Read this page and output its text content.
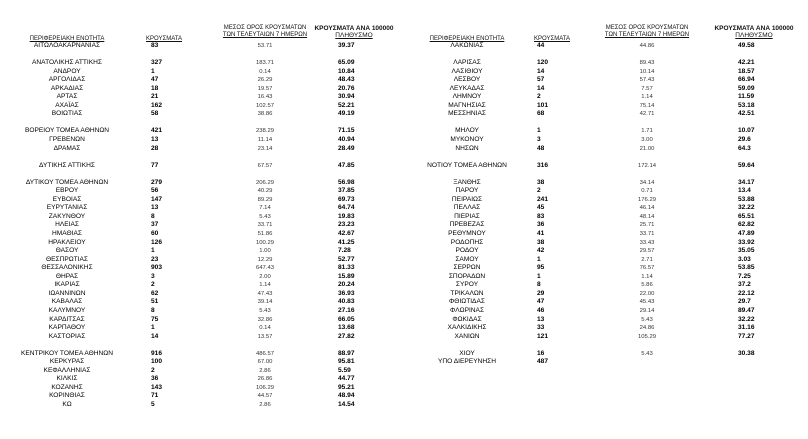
ΠΕΡΙΦΕΡΕΙΑΚΗ ΕΝΟΤΗΤΑ	ΚΡΟΥΣΜΑΤΑ
ΜΕΣΟΣ ΟΡΟΣ ΚΡΟΥΣΜΑΤΩΝ
ΤΩΝ ΤΕΛΕΥΤΑΙΩΝ 7 ΗΜΕΡΩΝ
ΚΡΟΥΣΜΑΤΑ ΑΝΑ 100000
ΠΛΗΘΥΣΜΟ	ΠΕΡΙΦΕΡΕΙΑΚΗ ΕΝΟΤΗΤΑ	ΚΡΟΥΣΜΑΤΑ
ΜΕΣΟΣ ΟΡΟΣ ΚΡΟΥΣΜΑΤΩΝ
ΤΩΝ ΤΕΛΕΥΤΑΙΩΝ 7 ΗΜΕΡΩΝ
ΚΡΟΥΣΜΑΤΑ ΑΝΑ 100000
ΠΛΗΘΥΣΜΟ
ΑΙΤΩΛΟΑΚΑΡΝΑΝΙΑΣ	83	53.71	39.37
ΑΝΑΤΟΛΙΚΗΣ ΑΤΤΙΚΗΣ	327	183.71	65.09
ΑΝΔΡΟΥ	1	0.14	10.84
ΑΡΓΟΛΙΔΑΣ	47	26.29	48.43
ΑΡΚΑΔΙΑΣ	18	19.57	20.76
ΑΡΤΑΣ	21	16.43	30.94
ΑΧΑΪΑΣ	162	102.57	52.21
ΒΟΙΩΤΙΑΣ	58	38.86	49.19
ΒΟΡΕΙΟΥ ΤΟΜΕΑ ΑΘΗΝΩΝ	421	238.29	71.15
ΓΡΕΒΕΝΩΝ	13	11.14	40.94
ΔΡΑΜΑΣ	28	23.14	28.49
ΔΥΤΙΚΗΣ ΑΤΤΙΚΗΣ	77	67.57	47.85
ΔΥΤΙΚΟΥ ΤΟΜΕΑ ΑΘΗΝΩΝ	279	206.29	56.98
ΕΒΡΟΥ	56	40.29	37.85
ΕΥΒΟΙΑΣ	147	89.29	69.73
ΕΥΡΥΤΑΝΙΑΣ	13	7.14	64.74
ΖΑΚΥΝΘΟΥ	8	5.43	19.83
ΗΛΕΙΑΣ	37	33.71	23.23
ΗΜΑΘΙΑΣ	60	51.86	42.67
ΗΡΑΚΛΕΙΟΥ	126	100.29	41.25
ΘΑΣΟΥ	1	1.00	7.28
ΘΕΣΠΡΩΤΙΑΣ	23	12.29	52.77
ΘΕΣΣΑΛΟΝΙΚΗΣ	903	647.43	81.33
ΘΗΡΑΣ	3	2.00	15.89
ΙΚΑΡΙΑΣ	2	1.14	20.24
ΙΩΑΝΝΙΝΩΝ	62	47.43	36.93
ΚΑΒΑΛΑΣ	51	39.14	40.83
ΚΑΛΥΜΝΟΥ	8	5.43	27.16
ΚΑΡΔΙΤΣΑΣ	75	32.86	66.05
ΚΑΡΠΑΘΟΥ	1	0.14	13.68
ΚΑΣΤΟΡΙΑΣ	14	13.57	27.82
ΚΕΝΤΡΙΚΟΥ ΤΟΜΕΑ ΑΘΗΝΩΝ	916	486.57	88.97
ΚΕΡΚΥΡΑΣ	100	67.00	95.81
ΚΕΦΑΛΛΗΝΙΑΣ	2	2.86	5.59
ΚΙΛΚΙΣ	36	26.86	44.77
ΚΟΖΑΝΗΣ	143	106.29	95.21
ΚΟΡΙΝΘΙΑΣ	71	44.57	48.94
ΚΩ	5	2.86	14.54
ΛΑΚΩΝΙΑΣ	44	44.86	49.58
ΛΑΡΙΣΑΣ	120	89.43	42.21
ΛΑΣΙΘΙΟΥ	14	10.14	18.57
ΛΕΣΒΟΥ	57	57.43	66.94
ΛΕΥΚΑΔΑΣ	14	7.57	59.09
ΛΗΜΝΟΥ	2	1.14	11.59
ΜΑΓΝΗΣΙΑΣ	101	75.14	53.18
ΜΕΣΣΗΝΙΑΣ	68	42.71	42.51
ΜΗΛΟΥ	1	1.71	10.07
ΜΥΚΟΝΟΥ	3	3.00	29.6
ΝΗΣΩΝ	48	21.00	64.3
ΝΟΤΙΟΥ ΤΟΜΕΑ ΑΘΗΝΩΝ	316	172.14	59.64
ΞΑΝΘΗΣ	38	34.14	34.17
ΠΑΡΟΥ	2	0.71	13.4
ΠΕΙΡΑΙΩΣ	241	176.29	53.88
ΠΕΛΛΑΣ	45	46.14	32.22
ΠΙΕΡΙΑΣ	83	48.14	65.51
ΠΡΕΒΕΖΑΣ	36	25.71	62.82
ΡΕΘΥΜΝΟΥ	41	33.71	47.89
ΡΟΔΟΠΗΣ	38	33.43	33.92
ΡΟΔΟΥ	42	29.57	35.05
ΣΑΜΟΥ	1	2.71	3.03
ΣΕΡΡΩΝ	95	76.57	53.85
ΣΠΟΡΑΔΩΝ	1	1.14	7.25
ΣΥΡΟΥ	8	5.86	37.2
ΤΡΙΚΑΛΩΝ	29	22.00	22.12
ΦΘΙΩΤΙΔΑΣ	47	45.43	29.7
ΦΛΩΡΙΝΑΣ	46	29.14	89.47
ΦΩΚΙΔΑΣ	13	5.43	32.22
ΧΑΛΚΙΔΙΚΗΣ	33	24.86	31.16
ΧΑΝΙΩΝ	121	105.29	77.27
ΧΙΟΥ	16	5.43	30.38
ΥΠΟ ΔΙΕΡΕΥΝΗΣΗ	487
